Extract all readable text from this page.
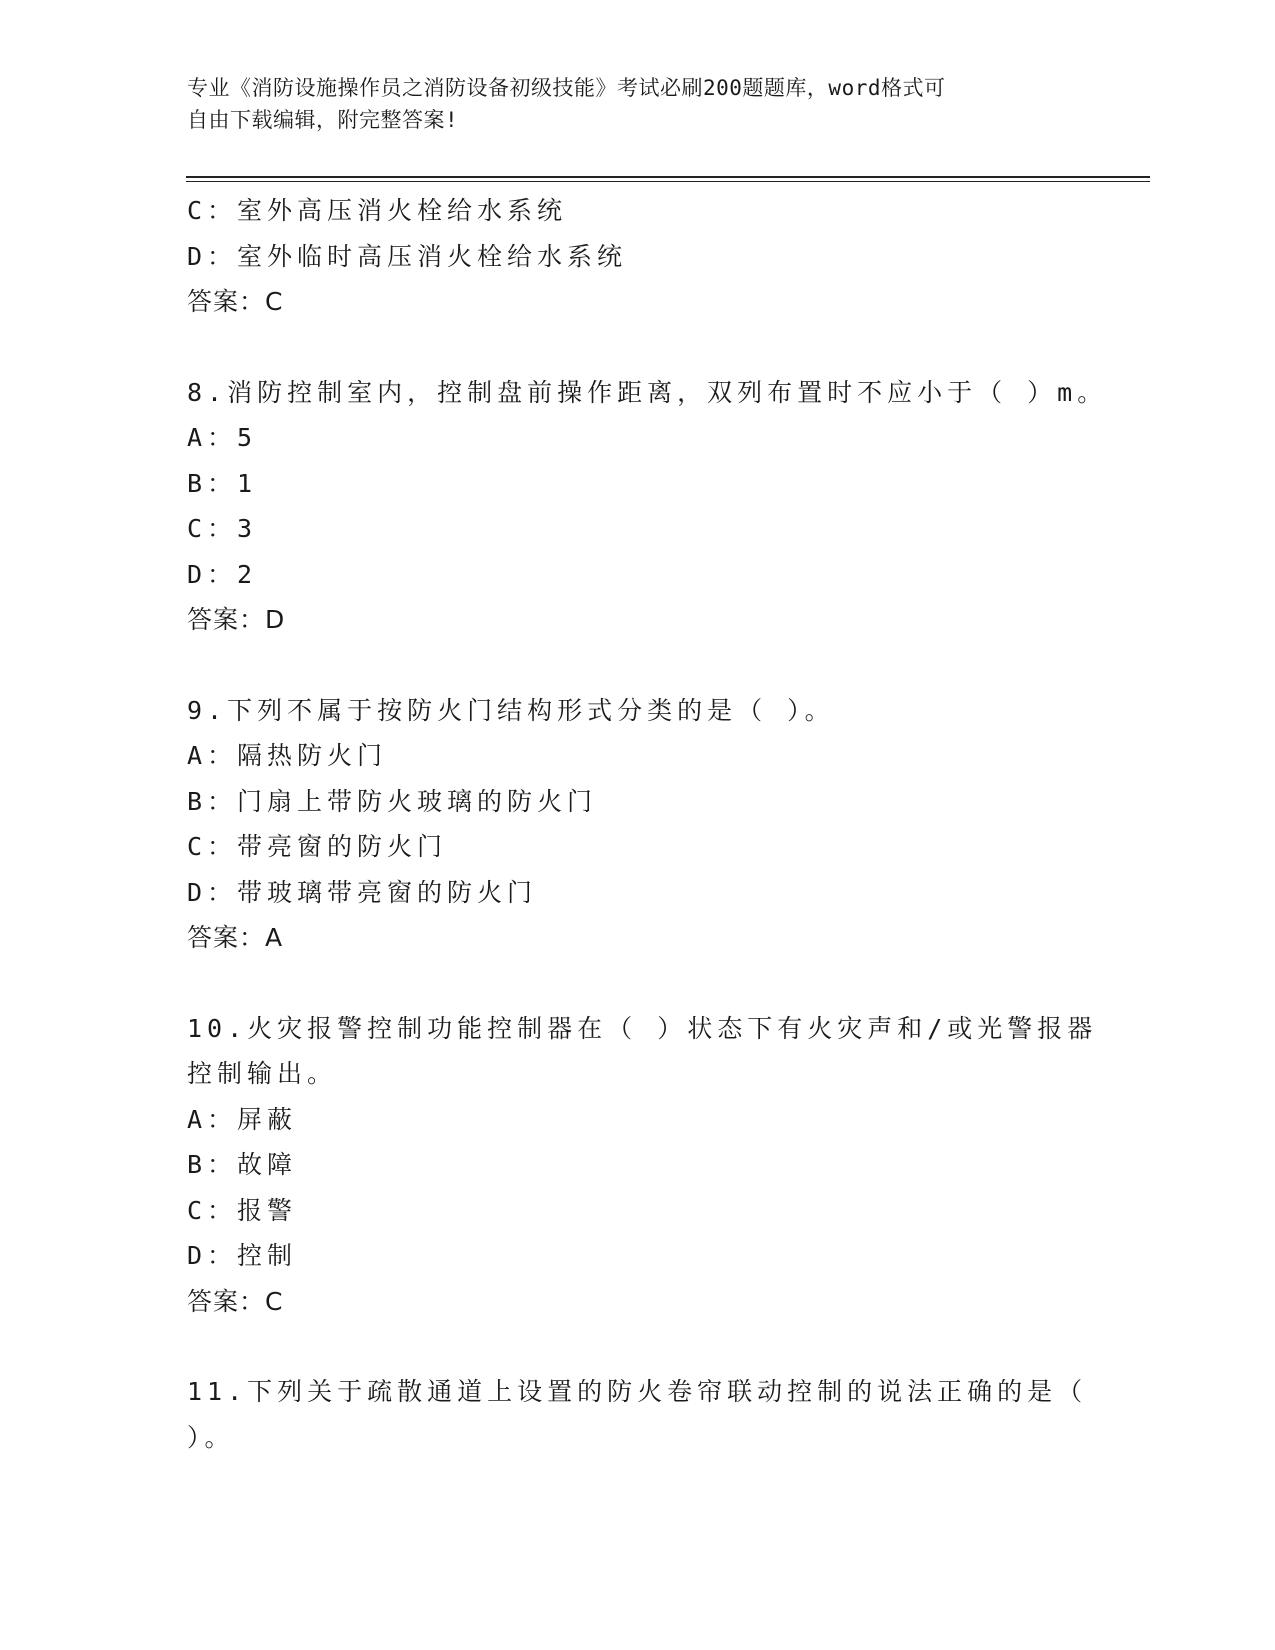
专业《消防设施操作员之消防设备初级技能》考试必刷200题题库，word格式可
自由下载编辑，附完整答案!
C：室外高压消火栓给水系统
D：室外临时高压消火栓给水系统
答案：C
8.消防控制室内，控制盘前操作距离，双列布置时不应小于（ ）m。
A：5
B：1
C：3
D：2
答案：D
9.下列不属于按防火门结构形式分类的是（ ）。
A：隔热防火门
B：门扇上带防火玻璃的防火门
C：带亮窗的防火门
D：带玻璃带亮窗的防火门
答案：A
10.火灾报警控制功能控制器在（ ）状态下有火灾声和/或光警报器
控制输出。
A：屏蔽
B：故障
C：报警
D：控制
答案：C
11.下列关于疏散通道上设置的防火卷帘联动控制的说法正确的是（
）。
